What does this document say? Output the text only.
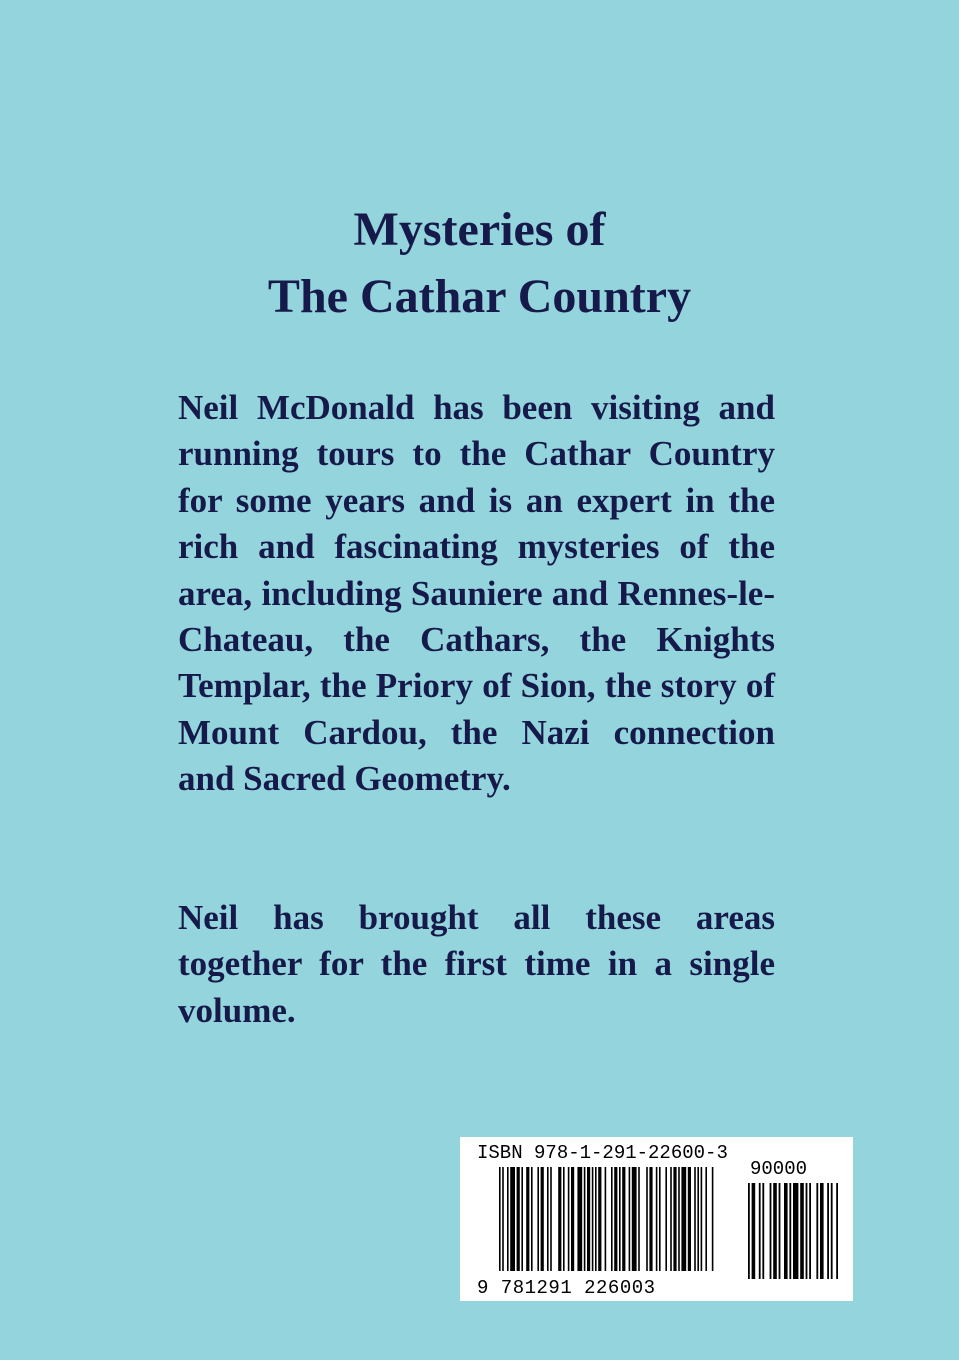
Mysteries of
The Cathar Country

Neil McDonald has been visiting and running tours to the Cathar Country for some years and is an expert in the rich and fascinating mysteries of the area, including Sauniere and Rennes-le-Chateau, the Cathars, the Knights Templar, the Priory of Sion, the story of Mount Cardou, the Nazi connection and Sacred Geometry.

Neil has brought all these areas together for the first time in a single volume.

ISBN 978-1-291-22600-3
90000
9 781291 226003
